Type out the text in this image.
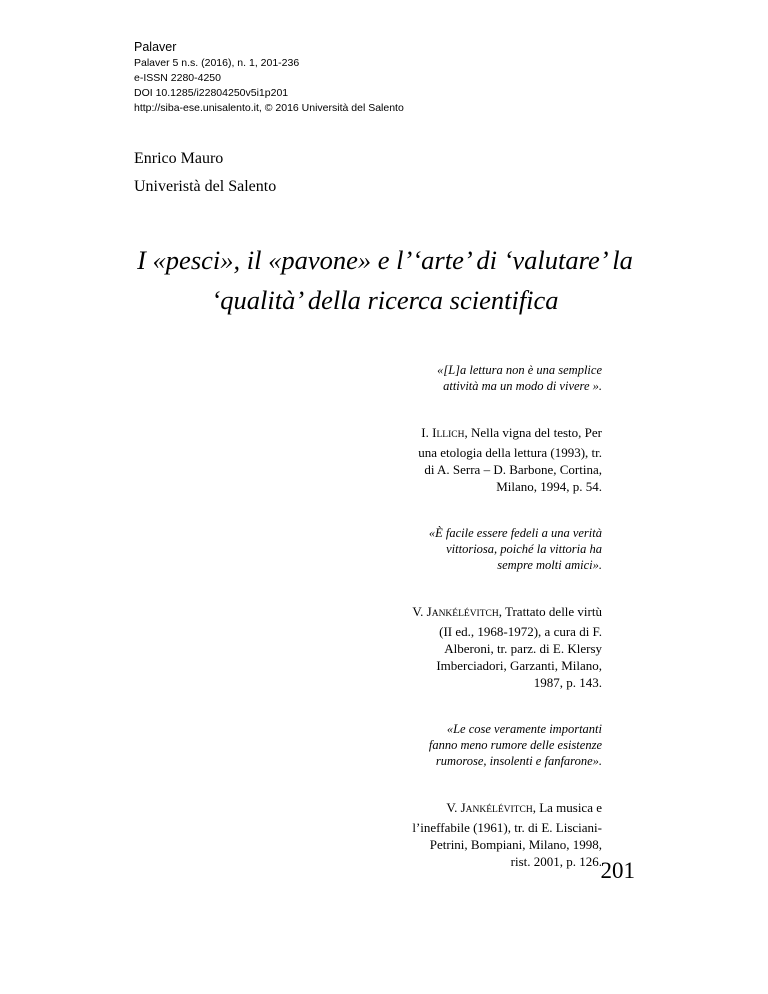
Palaver
Palaver 5 n.s. (2016), n. 1, 201-236
e-ISSN 2280-4250
DOI 10.1285/i22804250v5i1p201
http://siba-ese.unisalento.it, © 2016 Università del Salento
Enrico Mauro
Univeristà del Salento
I «pesci», il «pavone» e l’‘arte’ di ‘valutare’ la
‘qualità’ della ricerca scientifica
«[L]a lettura non è una semplice
attività ma un modo di vivere ».
I. ILLICH, Nella vigna del testo, Per
una etologia della lettura (1993), tr.
di A. Serra – D. Barbone, Cortina,
Milano, 1994, p. 54.
«È facile essere fedeli a una verità
vittoriosa, poiché la vittoria ha
sempre molti amici».
V. JANKÉLÉVITCH, Trattato delle virtù
(II ed., 1968-1972), a cura di F.
Alberoni, tr. parz. di E. Klersy
Imberciadori, Garzanti, Milano,
1987, p. 143.
«Le cose veramente importanti
fanno meno rumore delle esistenze
rumorose, insolenti e fanfarone».
V. JANKÉLÉVITCH, La musica e
l’ineffabile (1961), tr. di E. Lisciani-
Petrini, Bompiani, Milano, 1998,
rist. 2001, p. 126.
201
